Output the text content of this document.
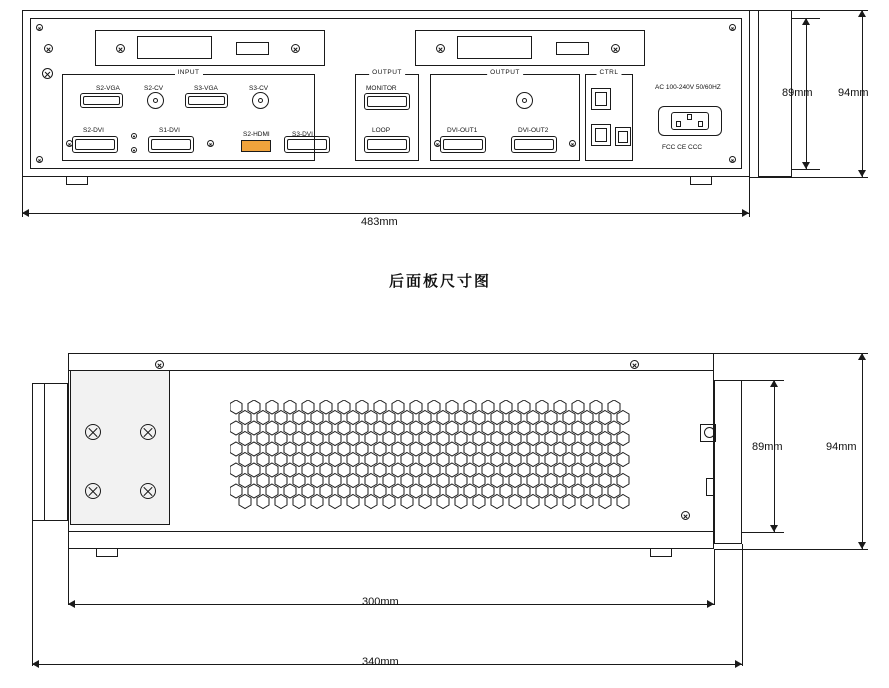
INPUT
S2-VGA	S2-CV	S3-VGA	S3-CV
S2-DVI	S1-DVI
S2-HDMI	S3-DVI
OUTPUT
MONITOR
LOOP
OUTPUT
DVI-OUT1	DVI-OUT2
CTRL
AC 100-240V 50/60HZ
FCC CE CCC
89mm 94mm
483mm
后面板尺寸图
89mm	94mm
300mm
340mm
